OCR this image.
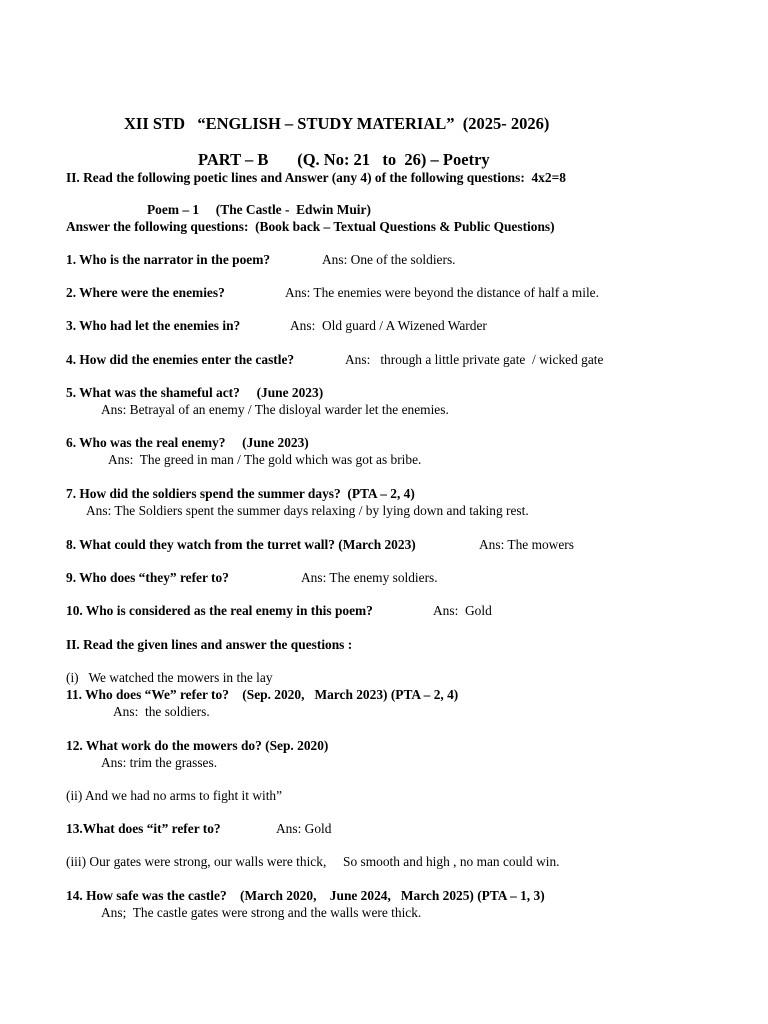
XII STD   “ENGLISH – STUDY MATERIAL”  (2025- 2026)
PART – B       (Q. No: 21   to  26) – Poetry
II. Read the following poetic lines and Answer (any 4) of the following questions:  4x2=8
Poem – 1     (The Castle -  Edwin Muir)
Answer the following questions:  (Book back – Textual Questions & Public Questions)
1. Who is the narrator in the poem?	Ans: One of the soldiers.
2. Where were the enemies?	Ans: The enemies were beyond the distance of half a mile.
3. Who had let the enemies in?	Ans:  Old guard / A Wizened Warder
4. How did the enemies enter the castle?	Ans:   through a little private gate  / wicked gate
5. What was the shameful act?     (June 2023)
Ans: Betrayal of an enemy / The disloyal warder let the enemies.
6. Who was the real enemy?     (June 2023)
Ans:  The greed in man / The gold which was got as bribe.
7. How did the soldiers spend the summer days?  (PTA – 2, 4)
Ans: The Soldiers spent the summer days relaxing / by lying down and taking rest.
8. What could they watch from the turret wall? (March 2023)	Ans: The mowers
9. Who does “they” refer to?	Ans: The enemy soldiers.
10. Who is considered as the real enemy in this poem?	Ans:  Gold
II. Read the given lines and answer the questions :
(i)   We watched the mowers in the lay
11. Who does “We” refer to?    (Sep. 2020,   March 2023) (PTA – 2, 4)
Ans:  the soldiers.
12. What work do the mowers do? (Sep. 2020)
Ans: trim the grasses.
(ii) And we had no arms to fight it with”
13.What does “it” refer to?	Ans: Gold
(iii) Our gates were strong, our walls were thick,     So smooth and high , no man could win.
14. How safe was the castle?    (March 2020,    June 2024,   March 2025) (PTA – 1, 3)
Ans;  The castle gates were strong and the walls were thick.
